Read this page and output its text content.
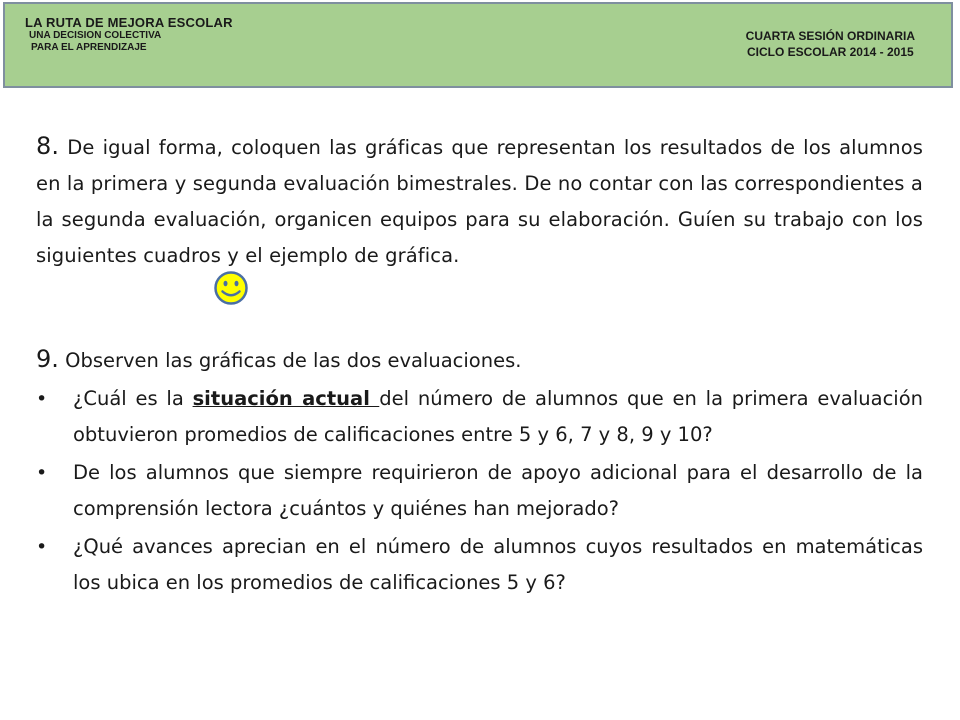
LA RUTA DE MEJORA ESCOLAR
UNA DECISION COLECTIVA
PARA EL APRENDIZAJE
CUARTA SESIÓN ORDINARIA
CICLO ESCOLAR 2014 - 2015

8. De igual forma, coloquen las gráficas que representan los resultados de los alumnos en la primera y segunda evaluación bimestrales. De no contar con las correspondientes a la segunda evaluación, organicen equipos para su elaboración. Guíen su trabajo con los siguientes cuadros y el ejemplo de gráfica.

9. Observen las gráficas de las dos evaluaciones.

• ¿Cuál es la situación actual del número de alumnos que en la primera evaluación obtuvieron promedios de calificaciones entre 5 y 6, 7 y 8, 9 y 10?
• De los alumnos que siempre requirieron de apoyo adicional para el desarrollo de la comprensión lectora ¿cuántos y quiénes han mejorado?
• ¿Qué avances aprecian en el número de alumnos cuyos resultados en matemáticas los ubica en los promedios de calificaciones 5 y 6?
